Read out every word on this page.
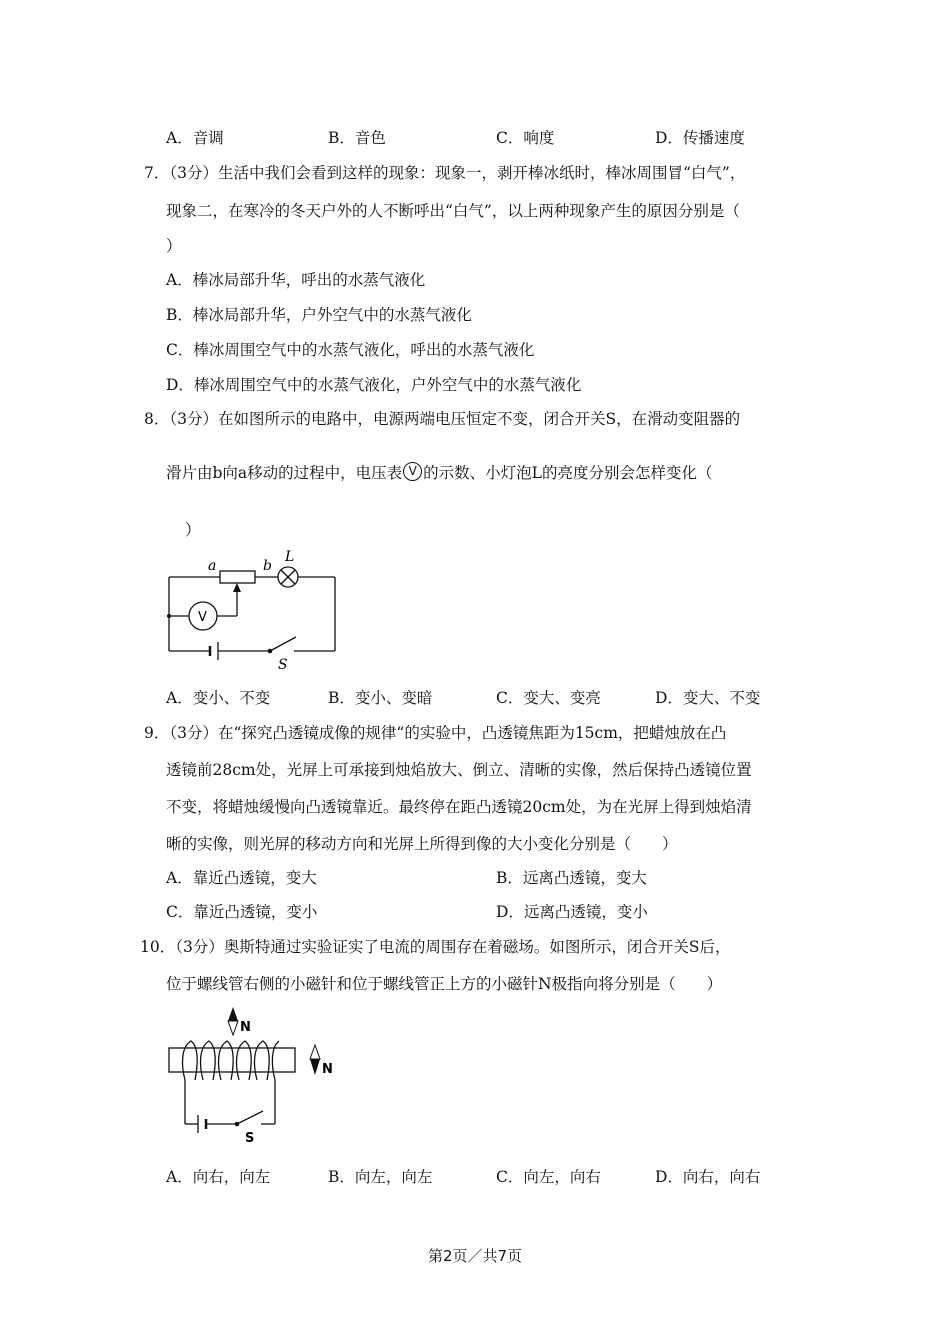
A．音调	B．音色	C．响度	D．传播速度
7．（3分）生活中我们会看到这样的现象：现象一，剥开棒冰纸时，棒冰周围冒“白气”，
现象二，在寒冷的冬天户外的人不断呼出“白气”，以上两种现象产生的原因分别是（
）
A．棒冰局部升华，呼出的水蒸气液化
B．棒冰局部升华，户外空气中的水蒸气液化
C．棒冰周围空气中的水蒸气液化，呼出的水蒸气液化
D．棒冰周围空气中的水蒸气液化，户外空气中的水蒸气液化
8．（3分）在如图所示的电路中，电源两端电压恒定不变，闭合开关S，在滑动变阻器的
滑片由b向a移动的过程中，电压表 V 的示数、小灯泡L的亮度分别会怎样变化（
）
a	b
L
V
S
A．变小、不变	B．变小、变暗	C．变大、变亮	D．变大、不变
9．（3分）在“探究凸透镜成像的规律“的实验中，凸透镜焦距为15cm，把蜡烛放在凸
透镜前28cm处，光屏上可承接到烛焰放大、倒立、清晰的实像，然后保持凸透镜位置
不变，将蜡烛缓慢向凸透镜靠近。最终停在距凸透镜20cm处，为在光屏上得到烛焰清
晰的实像，则光屏的移动方向和光屏上所得到像的大小变化分别是（　　）
A．靠近凸透镜，变大	B．远离凸透镜，变大
C．靠近凸透镜，变小	D．远离凸透镜，变小
10．（3分）奥斯特通过实验证实了电流的周围存在着磁场。如图所示，闭合开关S后，
位于螺线管右侧的小磁针和位于螺线管正上方的小磁针N极指向将分别是（　　）
N
S
N
A．向右，向左	B．向左，向左	C．向左，向右	D．向右，向右
第2页／共7页
